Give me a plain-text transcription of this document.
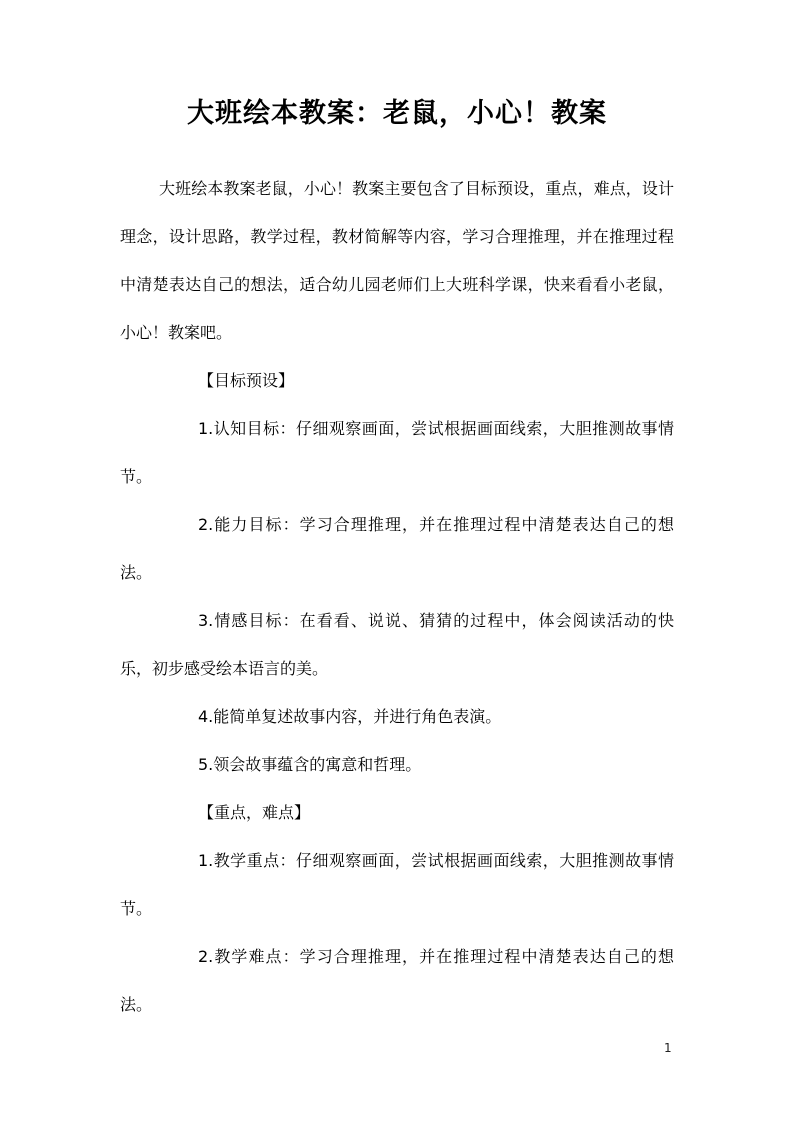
大班绘本教案：老鼠，小心！教案

大班绘本教案老鼠，小心！教案主要包含了目标预设，重点，难点，设计理念，设计思路，教学过程，教材简解等内容，学习合理推理，并在推理过程中清楚表达自己的想法，适合幼儿园老师们上大班科学课，快来看看小老鼠，小心！教案吧。

【目标预设】

1.认知目标：仔细观察画面，尝试根据画面线索，大胆推测故事情节。

2.能力目标：学习合理推理，并在推理过程中清楚表达自己的想法。

3.情感目标：在看看、说说、猜猜的过程中，体会阅读活动的快乐，初步感受绘本语言的美。

4.能简单复述故事内容，并进行角色表演。

5.领会故事蕴含的寓意和哲理。

【重点，难点】

1.教学重点：仔细观察画面，尝试根据画面线索，大胆推测故事情节。

2.教学难点：学习合理推理，并在推理过程中清楚表达自己的想法。

1
